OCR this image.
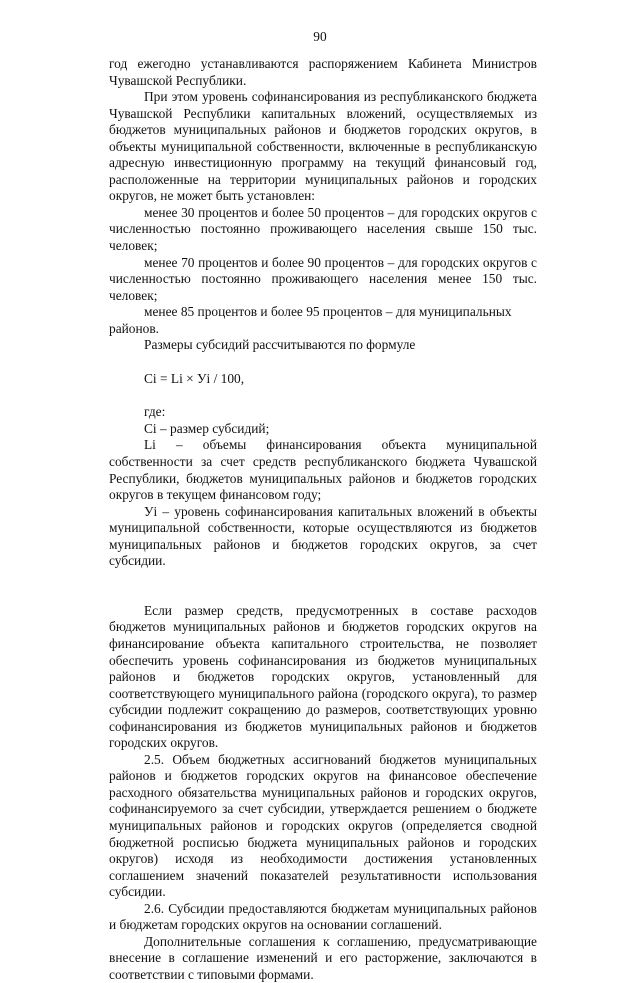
90

год ежегодно устанавливаются распоряжением Кабинета Министров Чувашской Республики.

При этом уровень софинансирования из республиканского бюджета Чувашской Республики капитальных вложений, осуществляемых из бюджетов муниципальных районов и бюджетов городских округов, в объекты муниципальной собственности, включенные в республиканскую адресную инвестиционную программу на текущий финансовый год, расположенные на территории муниципальных районов и городских округов, не может быть установлен:

менее 30 процентов и более 50 процентов – для городских округов с численностью постоянно проживающего населения свыше 150 тыс. человек;

менее 70 процентов и более 90 процентов – для городских округов с численностью постоянно проживающего населения менее 150 тыс. человек;

менее 85 процентов и более 95 процентов – для муниципальных районов.

Размеры субсидий рассчитываются по формуле

Сi = Li × Уi / 100,

где:

Сi – размер субсидий;

Li – объемы финансирования объекта муниципальной собственности за счет средств республиканского бюджета Чувашской Республики, бюджетов муниципальных районов и бюджетов городских округов в текущем финансовом году;

Уi – уровень софинансирования капитальных вложений в объекты муниципальной собственности, которые осуществляются из бюджетов муниципальных районов и бюджетов городских округов, за счет субсидии.

Если размер средств, предусмотренных в составе расходов бюджетов муниципальных районов и бюджетов городских округов на финансирование объекта капитального строительства, не позволяет обеспечить уровень софинансирования из бюджетов муниципальных районов и бюджетов городских округов, установленный для соответствующего муниципального района (городского округа), то размер субсидии подлежит сокращению до размеров, соответствующих уровню софинансирования из бюджетов муниципальных районов и бюджетов городских округов.

2.5. Объем бюджетных ассигнований бюджетов муниципальных районов и бюджетов городских округов на финансовое обеспечение расходного обязательства муниципальных районов и городских округов, софинансируемого за счет субсидии, утверждается решением о бюджете муниципальных районов и городских округов (определяется сводной бюджетной росписью бюджета муниципальных районов и городских округов) исходя из необходимости достижения установленных соглашением значений показателей результативности использования субсидии.

2.6. Субсидии предоставляются бюджетам муниципальных районов и бюджетам городских округов на основании соглашений.

Дополнительные соглашения к соглашению, предусматривающие внесение в соглашение изменений и его расторжение, заключаются в соответствии с типовыми формами.
